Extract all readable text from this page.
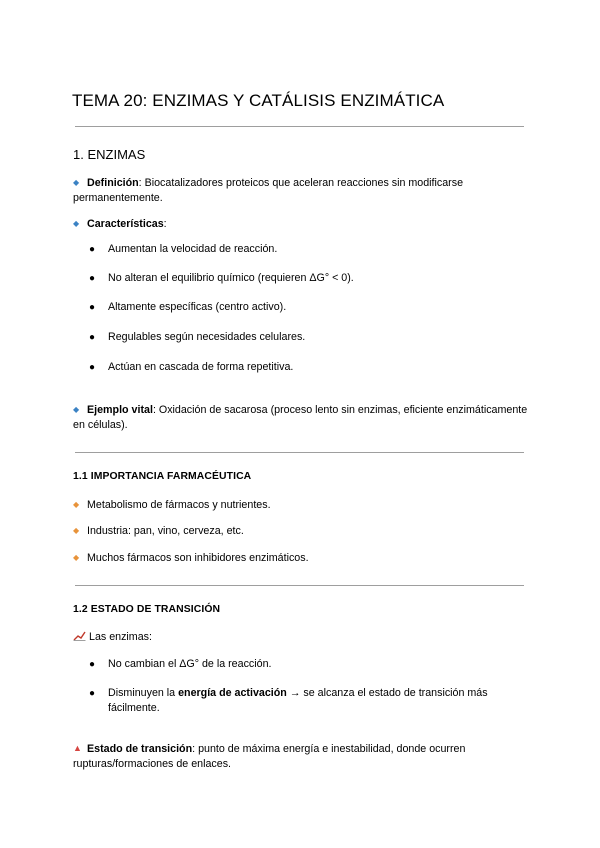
TEMA 20: ENZIMAS Y CATÁLISIS ENZIMÁTICA
1. ENZIMAS

◆ Definición: Biocatalizadores proteicos que aceleran reacciones sin modificarse permanentemente.

◆ Características:

●	Aumentan la velocidad de reacción.
●	No alteran el equilibrio químico (requieren ΔG° < 0).
●	Altamente específicas (centro activo).
●	Regulables según necesidades celulares.
●	Actúan en cascada de forma repetitiva.

◆ Ejemplo vital: Oxidación de sacarosa (proceso lento sin enzimas, eficiente enzimáticamente en células).

1.1 IMPORTANCIA FARMACÉUTICA

◆ Metabolismo de fármacos y nutrientes.

◆ Industria: pan, vino, cerveza, etc.

◆ Muchos fármacos son inhibidores enzimáticos.

1.2 ESTADO DE TRANSICIÓN

Las enzimas:

●	No cambian el ΔG° de la reacción.
●	Disminuyen la energía de activación → se alcanza el estado de transición más fácilmente.

▲ Estado de transición: punto de máxima energía e inestabilidad, donde ocurren rupturas/formaciones de enlaces.
